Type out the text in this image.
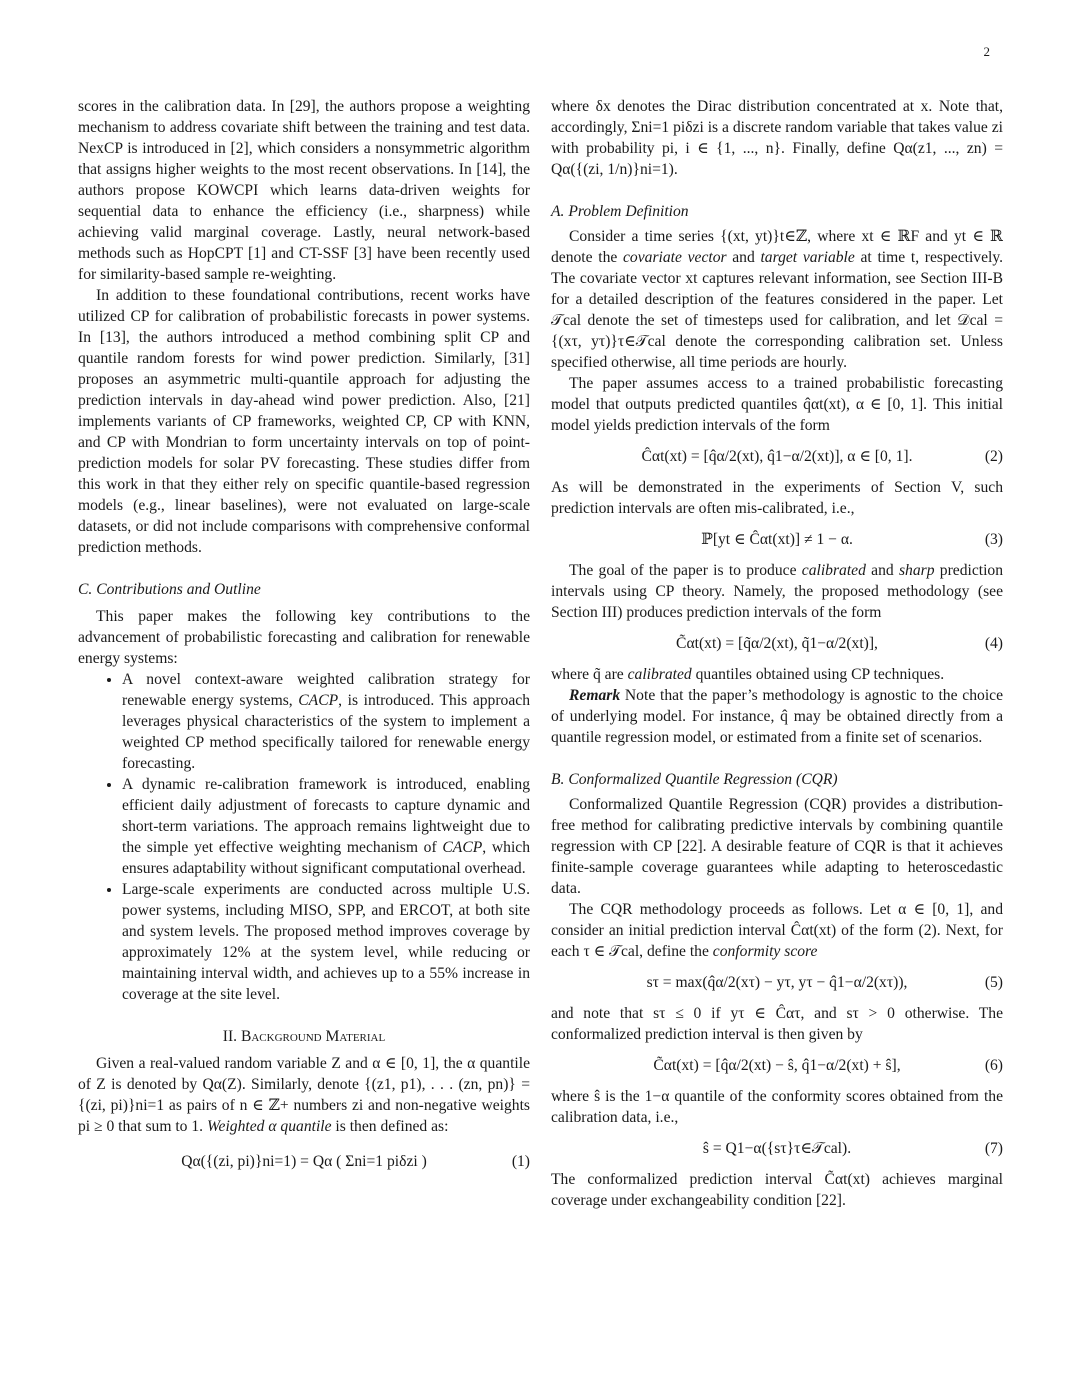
2

scores in the calibration data. In [29], the authors propose a weighting mechanism to address covariate shift between the training and test data. NexCP is introduced in [2], which considers a nonsymmetric algorithm that assigns higher weights to the most recent observations. In [14], the authors propose KOWCPI which learns data-driven weights for sequential data to enhance the efficiency (i.e., sharpness) while achieving valid marginal coverage. Lastly, neural network-based methods such as HopCPT [1] and CT-SSF [3] have been recently used for similarity-based sample re-weighting.

In addition to these foundational contributions, recent works have utilized CP for calibration of probabilistic forecasts in power systems. In [13], the authors introduced a method combining split CP and quantile random forests for wind power prediction. Similarly, [31] proposes an asymmetric multi-quantile approach for adjusting the prediction intervals in day-ahead wind power prediction. Also, [21] implements variants of CP frameworks, weighted CP, CP with KNN, and CP with Mondrian to form uncertainty intervals on top of point-prediction models for solar PV forecasting. These studies differ from this work in that they either rely on specific quantile-based regression models (e.g., linear baselines), were not evaluated on large-scale datasets, or did not include comparisons with comprehensive conformal prediction methods.

C. Contributions and Outline

This paper makes the following key contributions to the advancement of probabilistic forecasting and calibration for renewable energy systems:

• A novel context-aware weighted calibration strategy for renewable energy systems, CACP, is introduced. This approach leverages physical characteristics of the system to implement a weighted CP method specifically tailored for renewable energy forecasting.
• A dynamic re-calibration framework is introduced, enabling efficient daily adjustment of forecasts to capture dynamic and short-term variations. The approach remains lightweight due to the simple yet effective weighting mechanism of CACP, which ensures adaptability without significant computational overhead.
• Large-scale experiments are conducted across multiple U.S. power systems, including MISO, SPP, and ERCOT, at both site and system levels. The proposed method improves coverage by approximately 12% at the system level, while reducing or maintaining interval width, and achieves up to a 55% increase in coverage at the site level.

II. Background Material

Given a real-valued random variable Z and α ∈ [0, 1], the α quantile of Z is denoted by Qα(Z). Similarly, denote {(z1, p1), . . . (zn, pn)} = {(zi, pi)}ni=1 as pairs of n ∈ ℤ+ numbers zi and non-negative weights pi ≥ 0 that sum to 1. Weighted α quantile is then defined as:

Qα({(zi, pi)}ni=1) = Qα ( Σni=1 piδzi )	(1)

where δx denotes the Dirac distribution concentrated at x. Note that, accordingly, Σni=1 piδzi is a discrete random variable that takes value zi with probability pi, i ∈ {1, ..., n}. Finally, define Qα(z1, ..., zn) = Qα({(zi, 1/n)}ni=1).

A. Problem Definition

Consider a time series {(xt, yt)}t∈ℤ, where xt ∈ ℝF and yt ∈ ℝ denote the covariate vector and target variable at time t, respectively. The covariate vector xt captures relevant information, see Section III-B for a detailed description of the features considered in the paper. Let 𝒯cal denote the set of timesteps used for calibration, and let 𝒟cal = {(xτ, yτ)}τ∈𝒯cal denote the corresponding calibration set. Unless specified otherwise, all time periods are hourly.

The paper assumes access to a trained probabilistic forecasting model that outputs predicted quantiles q̂αt(xt), α ∈ [0, 1]. This initial model yields prediction intervals of the form

Ĉαt(xt) = [q̂α/2(xt), q̂1−α/2(xt)], α ∈ [0, 1].	(2)

As will be demonstrated in the experiments of Section V, such prediction intervals are often mis-calibrated, i.e.,

ℙ[yt ∈ Ĉαt(xt)] ≠ 1 − α.	(3)

The goal of the paper is to produce calibrated and sharp prediction intervals using CP theory. Namely, the proposed methodology (see Section III) produces prediction intervals of the form

C̃αt(xt) = [q̃α/2(xt), q̃1−α/2(xt)],	(4)

where q̃ are calibrated quantiles obtained using CP techniques.

Remark Note that the paper’s methodology is agnostic to the choice of underlying model. For instance, q̂ may be obtained directly from a quantile regression model, or estimated from a finite set of scenarios.

B. Conformalized Quantile Regression (CQR)

Conformalized Quantile Regression (CQR) provides a distribution-free method for calibrating predictive intervals by combining quantile regression with CP [22]. A desirable feature of CQR is that it achieves finite-sample coverage guarantees while adapting to heteroscedastic data.

The CQR methodology proceeds as follows. Let α ∈ [0, 1], and consider an initial prediction interval Ĉαt(xt) of the form (2). Next, for each τ ∈ 𝒯cal, define the conformity score

sτ = max(q̂α/2(xτ) − yτ, yτ − q̂1−α/2(xτ)),	(5)

and note that sτ ≤ 0 if yτ ∈ Ĉατ, and sτ > 0 otherwise. The conformalized prediction interval is then given by

C̃αt(xt) = [q̂α/2(xt) − ŝ, q̂1−α/2(xt) + ŝ],	(6)

where ŝ is the 1−α quantile of the conformity scores obtained from the calibration data, i.e.,

ŝ = Q1−α({sτ}τ∈𝒯cal).	(7)

The conformalized prediction interval C̃αt(xt) achieves marginal coverage under exchangeability condition [22].
